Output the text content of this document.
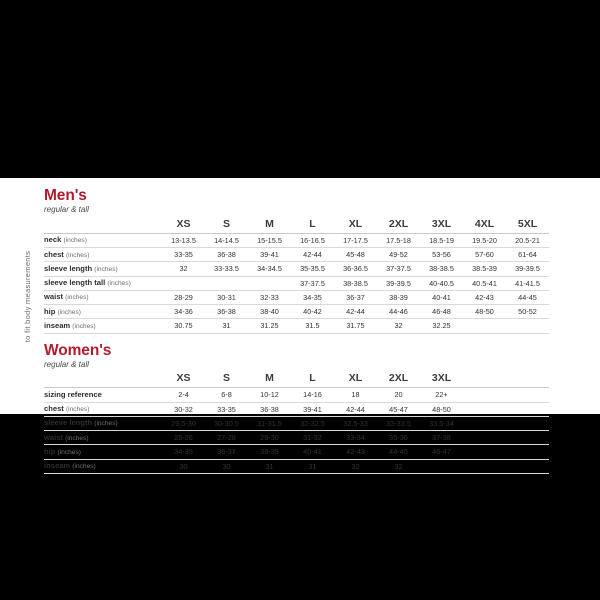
to fit body measurements
Men's

regular & tall

	XS	S	M	L	XL	2XL	3XL	4XL	5XL
neck (inches)	13-13.5	14-14.5	15-15.5	16-16.5	17-17.5	17.5-18	18.5-19	19.5-20	20.5-21
chest (inches)	33-35	36-38	39-41	42-44	45-48	49-52	53-56	57-60	61-64
sleeve length (inches)	32	33-33.5	34-34.5	35-35.5	36-36.5	37-37.5	38-38.5	38.5-39	39-39.5
sleeve length tall (inches)				37-37.5	38-38.5	39-39.5	40-40.5	40.5-41	41-41.5
waist (inches)	28-29	30-31	32-33	34-35	36-37	38-39	40-41	42-43	44-45
hip (inches)	34-36	36-38	38-40	40-42	42-44	44-46	46-48	48-50	50-52
inseam (inches)	30.75	31	31.25	31.5	31.75	32	32.25		
Women's

regular & tall

	XS	S	M	L	XL	2XL	3XL		
sizing reference	2-4	6-8	10-12	14-16	18	20	22+		
chest (inches)	30-32	33-35	36-38	39-41	42-44	45-47	48-50		
sleeve length (inches)	29.5-30	30-30.5	31-31.5	32-32.5	32.5-33	33-33.5	33.5-34		
waist (inches)	25-26	27-28	29-30	31-32	33-34	35-36	37-38		
hip (inches)	34-35	36-37	38-39	40-41	42-43	44-45	46-47		
inseam (inches)	30	30	31	31	32	32			
